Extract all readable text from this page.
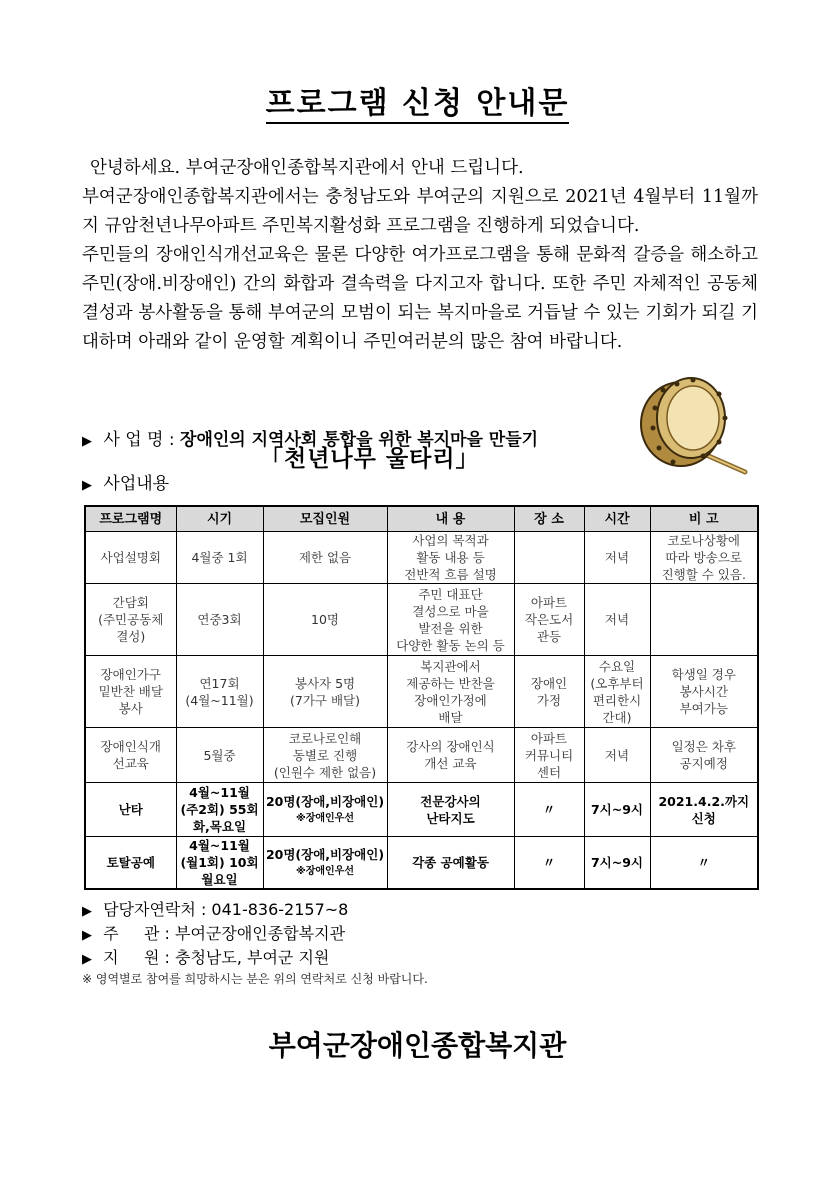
프로그램 신청 안내문

안녕하세요. 부여군장애인종합복지관에서 안내 드립니다.

부여군장애인종합복지관에서는 충청남도와 부여군의 지원으로 2021년 4월부터 11월까지 규암천년나무아파트 주민복지활성화 프로그램을 진행하게 되었습니다.

주민들의 장애인식개선교육은 물론 다양한 여가프로그램을 통해 문화적 갈증을 해소하고 주민(장애.비장애인) 간의 화합과 결속력을 다지고자 합니다. 또한 주민 자체적인 공동체 결성과 봉사활동을 통해 부여군의 모범이 되는 복지마을로 거듭날 수 있는 기회가 되길 기대하며 아래와 같이 운영할 계획이니 주민여러분의 많은 참여 바랍니다.

▶ 사 업 명 : 장애인의 지역사회 통합을 위한 복지마을 만들기
「천년나무 울타리」
▶ 사업내용
프로그램명	시기	모집인원	내 용	장 소	시간	비 고
사업설명회	4월중 1회	제한 없음	사업의 목적과
활동 내용 등
전반적 흐름 설명		저녁	코로나상황에
따라 방송으로
진행할 수 있음.
간담회
(주민공동체
결성)	연중3회	10명	주민 대표단
결성으로 마을
발전을 위한
다양한 활동 논의 등	아파트
작은도서
관등	저녁	
장애인가구
밑반찬 배달
봉사	연17회
(4월~11월)	봉사자 5명
(7가구 배달)	복지관에서
제공하는 반찬을
장애인가정에
배달	장애인
가정	수요일
(오후부터
편리한시
간대)	학생일 경우
봉사시간
부여가능
장애인식개
선교육	5월중	코로나로인해
동별로 진행
(인원수 제한 없음)	강사의 장애인식
개선 교육	아파트
커뮤니티
센터	저녁	일정은 차후
공지예정
난타	4월~11월
(주2회) 55회
화,목요일	20명(장애,비장애인)
※장애인우선	전문강사의
난타지도	〃	7시~9시	2021.4.2.까지
신청
토탈공예	4월~11월
(월1회) 10회
월요일	20명(장애,비장애인)
※장애인우선	각종 공예활동	〃	7시~9시	〃
▶ 담당자연락처 : 041-836-2157~8
▶ 주     관 : 부여군장애인종합복지관
▶ 지     원 : 충청남도, 부여군 지원
※ 영역별로 참여를 희망하시는 분은 위의 연락처로 신청 바랍니다.
부여군장애인종합복지관
